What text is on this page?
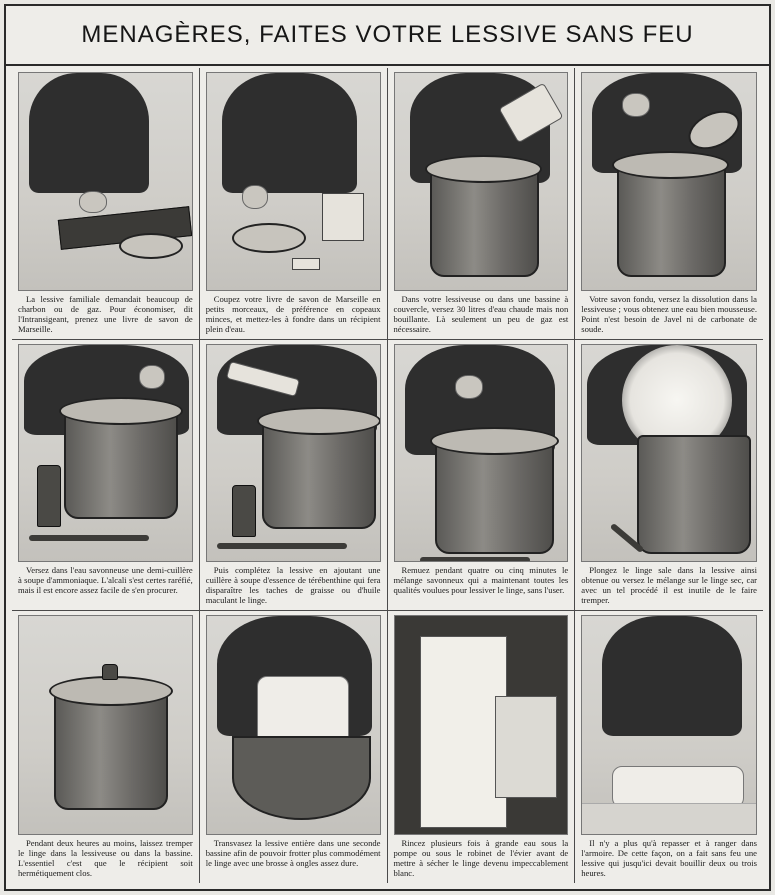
MENAGÈRES, FAITES VOTRE LESSIVE SANS FEU
La lessive familiale demandait beaucoup de charbon ou de gaz. Pour économiser, dit l'Intransigeant, prenez une livre de savon de Marseille.
Coupez votre livre de savon de Marseille en petits morceaux, de préférence en copeaux minces, et mettez-les à fondre dans un récipient plein d'eau.
Dans votre lessiveuse ou dans une bassine à couvercle, versez 30 litres d'eau chaude mais non bouillante. Là seulement un peu de gaz est nécessaire.
Votre savon fondu, versez la dissolution dans la lessiveuse ; vous obtenez une eau bien mousseuse. Point n'est besoin de Javel ni de carbonate de soude.
Versez dans l'eau savonneuse une demi-cuillère à soupe d'ammoniaque. L'alcali s'est certes raréfié, mais il est encore assez facile de s'en procurer.
Puis complétez la lessive en ajoutant une cuillère à soupe d'essence de térébenthine qui fera disparaître les taches de graisse ou d'huile maculant le linge.
Remuez pendant quatre ou cinq minutes le mélange savonneux qui a maintenant toutes les qualités voulues pour lessiver le linge, sans l'user.
Plongez le linge sale dans la lessive ainsi obtenue ou versez le mélange sur le linge sec, car avec un tel procédé il est inutile de le faire tremper.
Pendant deux heures au moins, laissez tremper le linge dans la lessiveuse ou dans la bassine. L'essentiel c'est que le récipient soit hermétiquement clos.
Transvasez la lessive entière dans une seconde bassine afin de pouvoir frotter plus commodément le linge avec une brosse à ongles assez dure.
Rincez plusieurs fois à grande eau sous la pompe ou sous le robinet de l'évier avant de mettre à sécher le linge devenu impeccablement blanc.
Il n'y a plus qu'à repasser et à ranger dans l'armoire. De cette façon, on a fait sans feu une lessive qui jusqu'ici devait bouillir deux ou trois heures.
